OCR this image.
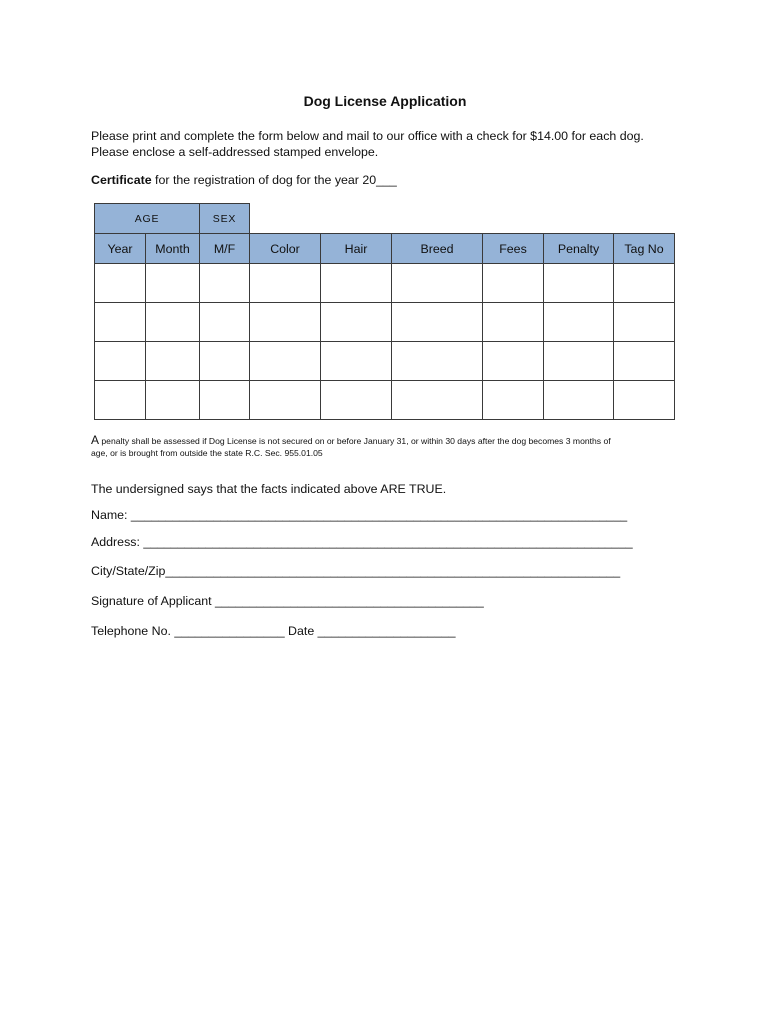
Dog License Application
Please print and complete the form below and mail to our office with a check for $14.00 for each dog.
Please enclose a self-addressed stamped envelope.
Certificate for the registration of dog for the year 20___
AGE		SEX						
Year	Month	M/F	Color	Hair	Breed	Fees	Penalty	Tag No

A penalty shall be assessed if Dog License is not secured on or before January 31, or within 30 days after the dog becomes 3 months of
age, or is brought from outside the state R.C. Sec. 955.01.05
The undersigned says that the facts indicated above ARE TRUE.
Name: ________________________________________________________________________
Address: _______________________________________________________________________
City/State/Zip__________________________________________________________________
Signature of Applicant _______________________________________
Telephone No. ________________ Date ____________________
